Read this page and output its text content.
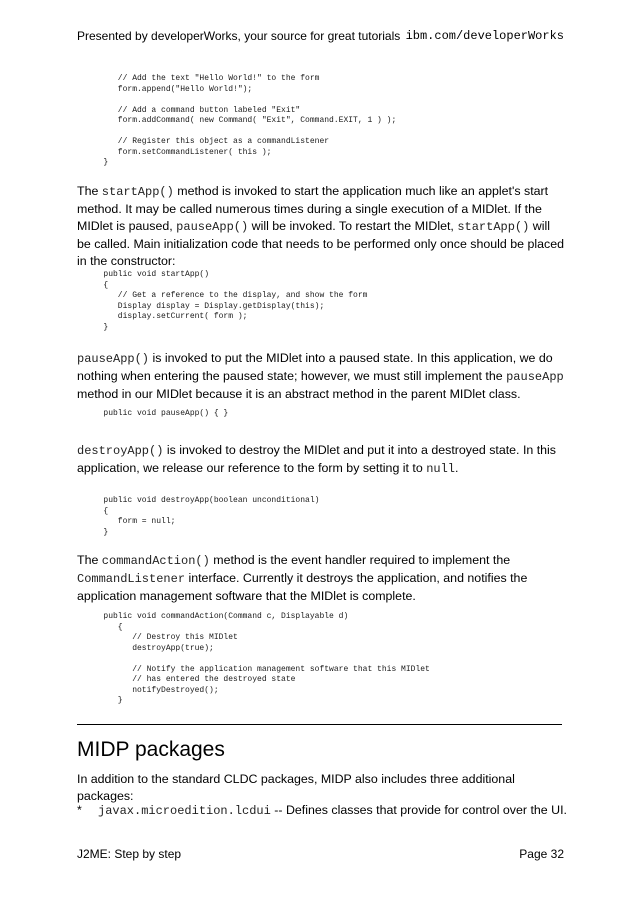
Presented by developerWorks, your source for great tutorials ibm.com/developerWorks
// Add the text "Hello World!" to the form
form.append("Hello World!");

// Add a command button labeled "Exit"
form.addCommand( new Command( "Exit", Command.EXIT, 1 ) );

// Register this object as a commandListener
form.setCommandListener( this );
}
The startApp() method is invoked to start the application much like an applet's start method. It may be called numerous times during a single execution of a MIDlet. If the MIDlet is paused, pauseApp() will be invoked. To restart the MIDlet, startApp() will be called. Main initialization code that needs to be performed only once should be placed in the constructor:
public void startApp()
{
// Get a reference to the display, and show the form
Display display = Display.getDisplay(this);
display.setCurrent( form );
}
pauseApp() is invoked to put the MIDlet into a paused state. In this application, we do nothing when entering the paused state; however, we must still implement the pauseApp method in our MIDlet because it is an abstract method in the parent MIDlet class.
public void pauseApp() { }
destroyApp() is invoked to destroy the MIDlet and put it into a destroyed state. In this application, we release our reference to the form by setting it to null.
public void destroyApp(boolean unconditional)
{
form = null;
}
The commandAction() method is the event handler required to implement the CommandListener interface. Currently it destroys the application, and notifies the application management software that the MIDlet is complete.
public void commandAction(Command c, Displayable d)
{
// Destroy this MIDlet
destroyApp(true);

// Notify the application management software that this MIDlet
// has entered the destroyed state
notifyDestroyed();
}
MIDP packages
In addition to the standard CLDC packages, MIDP also includes three additional packages:
* javax.microedition.lcdui -- Defines classes that provide for control over the UI.
J2ME: Step by step	Page 32
